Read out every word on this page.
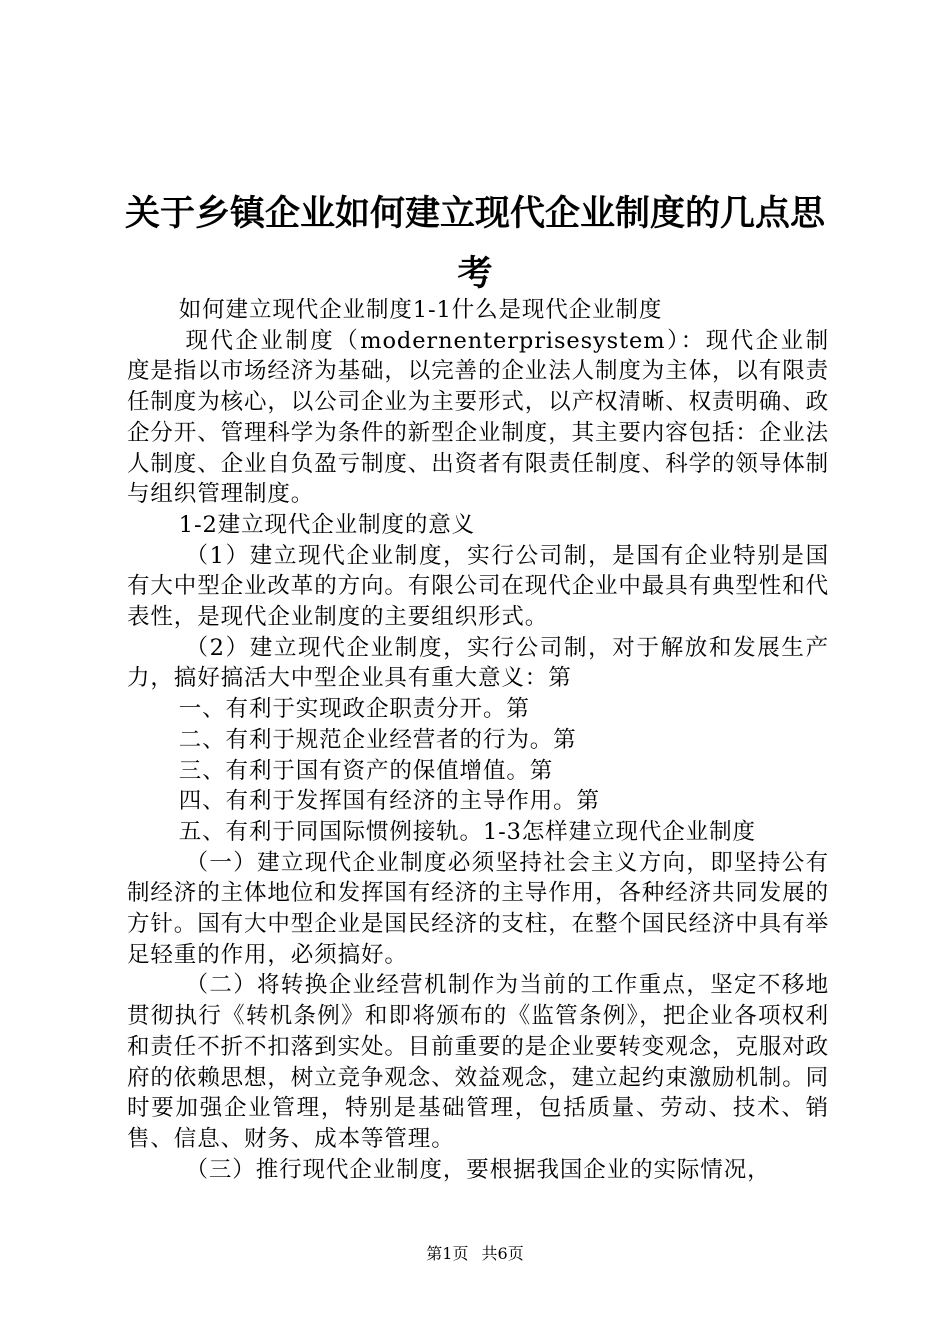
关于乡镇企业如何建立现代企业制度的几点思
考

如何建立现代企业制度1-1什么是现代企业制度

现代企业制度（modernenterprisesystem）：现代企业制度是指以市场经济为基础，以完善的企业法人制度为主体，以有限责任制度为核心，以公司企业为主要形式，以产权清晰、权责明确、政企分开、管理科学为条件的新型企业制度，其主要内容包括：企业法人制度、企业自负盈亏制度、出资者有限责任制度、科学的领导体制与组织管理制度。

1-2建立现代企业制度的意义

（1）建立现代企业制度，实行公司制，是国有企业特别是国有大中型企业改革的方向。有限公司在现代企业中最具有典型性和代表性，是现代企业制度的主要组织形式。

（2）建立现代企业制度，实行公司制，对于解放和发展生产力，搞好搞活大中型企业具有重大意义：第

一、有利于实现政企职责分开。第

二、有利于规范企业经营者的行为。第

三、有利于国有资产的保值增值。第

四、有利于发挥国有经济的主导作用。第

五、有利于同国际惯例接轨。1-3怎样建立现代企业制度

（一）建立现代企业制度必须坚持社会主义方向，即坚持公有制经济的主体地位和发挥国有经济的主导作用，各种经济共同发展的方针。国有大中型企业是国民经济的支柱，在整个国民经济中具有举足轻重的作用，必须搞好。

（二）将转换企业经营机制作为当前的工作重点，坚定不移地贯彻执行《转机条例》和即将颁布的《监管条例》，把企业各项权利和责任不折不扣落到实处。目前重要的是企业要转变观念，克服对政府的依赖思想，树立竞争观念、效益观念，建立起约束激励机制。同时要加强企业管理，特别是基础管理，包括质量、劳动、技术、销售、信息、财务、成本等管理。

（三）推行现代企业制度，要根据我国企业的实际情况，

第1页 共6页
